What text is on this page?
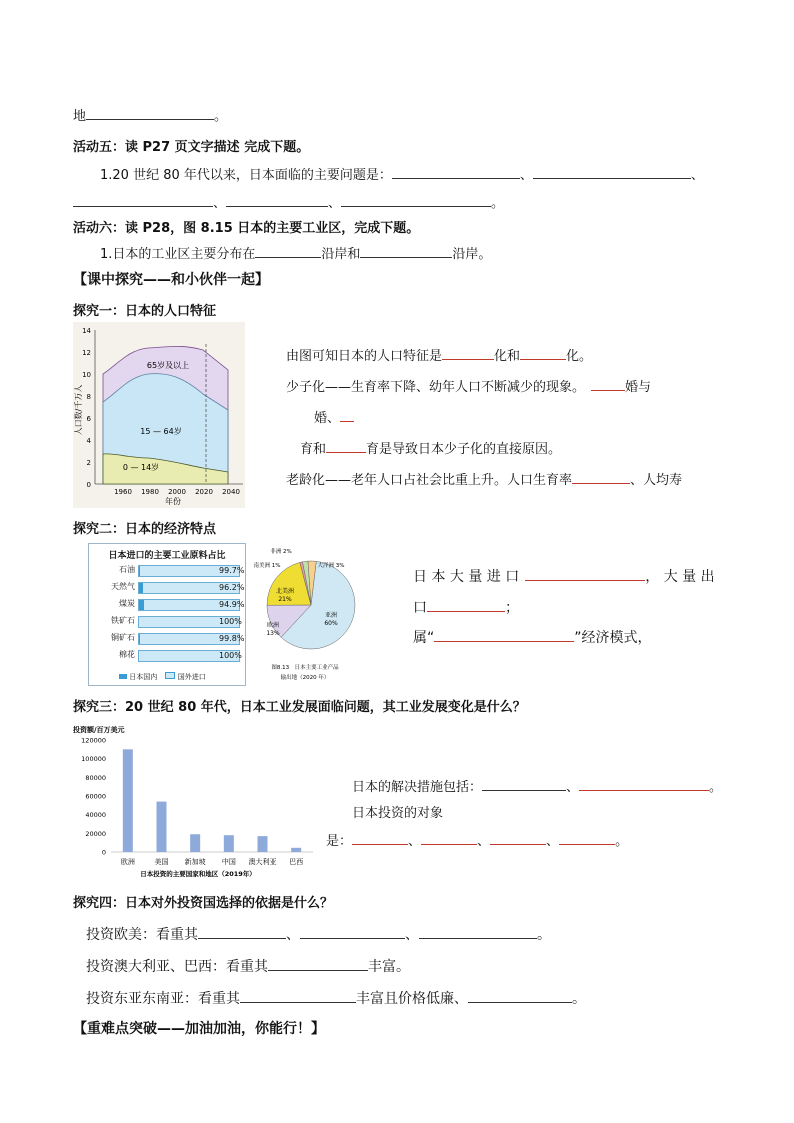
地	。
活动五：读 P27 页文字描述 完成下题。
1.20 世纪 80 年代以来，日本面临的主要问题是：	、	、
、	、	。
活动六：读 P28，图 8.15 日本的主要工业区，完成下题。
1.日本的工业区主要分布在	沿岸和	沿岸。
【课中探究——和小伙伴一起】
探究一：日本的人口特征
0
2
4
6
8
10
12
14
1960 1980 2000 2020 2040
65岁及以上
15 — 64岁
0 — 14岁
人口数/千万人
年份
由图可知日本的人口特征是	化和	化。
少子化——生育率下降、幼年人口不断减少的现象。	婚与
婚、
育和	育是导致日本少子化的直接原因。
老龄化——老年人口占社会比重上升。人口生育率	、人均寿
探究二：日本的经济特点
日本进口的主要工业原料占比
石油	99.7%
天然气	96.2%
煤炭	94.9%
铁矿石	100%
铜矿石	99.8%
棉花	100%
日本国内	国外进口
亚洲
60%
欧洲
13%
北美洲
21%
南美洲 1%
非洲 2%
大洋洲 3%
图8.13　日本主要工业产品
输出地（2020 年）
日 本 大 量 进 口	， 大 量 出
口	；
属“	”经济模式，
探究三：20 世纪 80 年代，日本工业发展面临问题，其工业发展变化是什么？
投资额/百万美元
0
20000
40000
60000
80000
100000
120000
欧洲	美国 新加坡 中国 澳大利亚 巴西
日本投资的主要国家和地区（2019年）
日本的解决措施包括：	、	。
日本投资的对象
是：	、	、	、	。
探究四：日本对外投资国选择的依据是什么？
投资欧美：看重其	、	、	。
投资澳大利亚、巴西：看重其	丰富。
投资东亚东南亚：看重其	丰富且价格低廉、	。
【重难点突破——加油加油，你能行！】
